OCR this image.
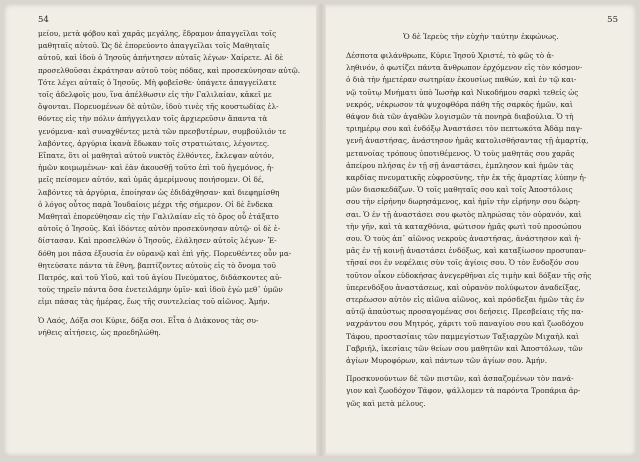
54
μείου, μετὰ φόβου καὶ χαρᾶς μεγάλης, ἔδραμον ἀπαγγεῖλαι τοῖς
μαθηταῖς αὐτοῦ. Ὡς δὲ ἐπορεύοντο ἀπαγγεῖλαι τοῖς Μαθηταῖς
αὐτοῦ, καὶ ἰδοὺ ὁ Ἰησοῦς ἀπήντησεν αὐταῖς λέγων· Χαίρετε. Αἱ δὲ
προσελθοῦσαι ἐκράτησαν αὐτοῦ τοὺς πόδας, καὶ προσεκύνησαν αὐτῷ.
Τότε λέγει αὐταῖς ὁ Ἰησοῦς. Μὴ φοβεῖσθε· ὑπάγετε ἀπαγγείλατε
τοῖς ἀδελφοῖς μου, ἵνα ἀπέλθωσιν εἰς τὴν Γαλιλαίαν, κἀκεῖ με
ὄψονται. Πορευομένων δὲ αὐτῶν, ἰδοὺ τινὲς τῆς κουστωδίας ἐλ-
θόντες εἰς τὴν πόλιν ἀπήγγειλαν τοῖς ἀρχιερεῦσιν ἅπαντα τὰ
γενόμενα· καὶ συναχθέντες μετὰ τῶν πρεσβυτέρων, συμβούλιόν τε
λαβόντες, ἀργύρια ἱκανὰ ἔδωκαν τοῖς στρατιώταις, λέγοντες.
Εἴπατε, ὅτι οἱ μαθηταὶ αὐτοῦ νυκτὸς ἐλθόντες, ἔκλεψαν αὐτόν,
ἡμῶν κοιμωμένων· καὶ ἐὰν ἀκουσθῇ τοῦτο ἐπὶ τοῦ ἡγεμόνος, ἡ-
μεῖς πείσομεν αὐτόν, καὶ ὑμᾶς ἀμερίμνους ποιήσομεν. Οἱ δέ,
λαβόντες τὰ ἀργύρια, ἐποίησαν ὡς ἐδιδάχθησαν· καὶ διεφημίσθη
ὁ λόγος οὗτος παρὰ Ἰουδαίοις μέχρι τῆς σήμερον. Οἱ δὲ ἕνδεκα
Μαθηταὶ ἐπορεύθησαν εἰς τὴν Γαλιλαίαν εἰς τὸ ὄρος οὗ ἐτάξατο
αὐτοῖς ὁ Ἰησοῦς. Καὶ ἰδόντες αὐτὸν προσεκύνησαν αὐτῷ· οἱ δὲ ἐ-
δίστασαν. Καὶ προσελθὼν ὁ Ἰησοῦς, ἐλάλησεν αὐτοῖς λέγων· Ἐ-
δόθη μοι πᾶσα ἐξουσία ἐν οὐρανῷ καὶ ἐπὶ γῆς. Πορευθέντες οὖν μα-
θητεύσατε πάντα τὰ ἔθνη, βαπτίζοντες αὐτοὺς εἰς τὸ ὄνομα τοῦ
Πατρός, καὶ τοῦ Υἱοῦ, καὶ τοῦ ἁγίου Πνεύματος, διδάσκοντες αὐ-
τοὺς τηρεῖν πάντα ὅσα ἐνετειλάμην ὑμῖν· καὶ ἰδοὺ ἐγὼ μεθ᾽ ὑμῶν
εἰμι πάσας τὰς ἡμέρας, ἕως τῆς συντελείας τοῦ αἰῶνος. Ἀμήν.
Ὁ Λαός, Δόξα σοι Κύριε, δόξα σοι. Εἶτα ὁ Διάκονος τὰς συ-
νήθεις αἰτήσεις, ὡς προεδηλώθη.
55
Ὁ δὲ Ἱερεὺς τὴν εὐχὴν ταύτην ἐκφώνως.
Δέσποτα φιλάνθρωπε, Κύριε Ἰησοῦ Χριστέ, τὸ φῶς τὸ ἀ-
ληθινόν, ὁ φωτίζει πάντα ἄνθρωπον ἐρχόμενον εἰς τὸν κόσμον·
ὁ διὰ τὴν ἡμετέραν σωτηρίαν ἑκουσίως παθών, καὶ ἐν τῷ και-
νῷ τοῦτῳ Μνήματι ὑπὸ Ἰωσὴφ καὶ Νικοδήμου σαρκὶ τεθείς ὡς
νεκρός, νέκρωσον τὰ ψυχοφθόρα πάθη τῆς σαρκὸς ἡμῶν, καὶ
θάψον διὰ τῶν ἀγαθῶν λογισμῶν τὰ πονηρὰ διαβούλια. Ὁ τὴ
τριημέρῳ σου καὶ ἐνδόξῳ Ἀναστάσει τὸν πεπτωκότα Ἀδὰμ παγ-
γενῆ ἀναστήσας, ἀνάστησον ἡμᾶς κατολισθήσαντας τῇ ἁμαρτίᾳ,
μετανοίας τρόπους ὑποτιθέμενος. Ὁ τοὺς μαθητάς σου χαρᾶς
ἀπείρου πλήσας ἐν τῇ σῇ ἀναστάσει, ἐμπλησον καὶ ἡμῶν τὰς
καρδίας πνευματικῆς εὐφροσύνης, τὴν ἐκ τῆς ἁμαρτίας λύπην ἡ-
μῶν διασκεδάζων. Ὁ τοῖς μαθηταῖς σου καὶ τοῖς Ἀποστόλοις
σου τὴν εἰρήνην δωρησάμενος, καὶ ἡμῖν τὴν εἰρήνην σου δώρη-
σαι. Ὁ ἐν τῇ ἀναστάσει σου φωτὸς πληρώσας τὸν οὐρανόν, καὶ
τὴν γῆν, καὶ τὰ καταχθόνια, φώτισον ἡμᾶς φωτὶ τοῦ προσώπου
σου. Ὁ τοὺς ἀπ᾽ αἰῶνος νεκροὺς ἀναστήσας, ἀνάστησον καὶ ἡ-
μᾶς ἐν τῇ κοινῇ ἀναστάσει ἐνδόξως, καὶ καταξίωσον προσυπαν-
τῆσαί σοι ἐν νεφέλαις σὺν τοῖς ἁγίοις σου. Ὁ τὸν ἔνδοξόν σου
τοῦτον οἶκον εὐδοκήσας ἀνεγερθῆναι εἰς τιμὴν καὶ δόξαν τῆς σῆς
ὑπερενδόξου ἀναστάσεως, καὶ οὐρανὸν πολύφωτον ἀναδείξας,
στερέωσον αὐτὸν εἰς αἰῶνα αἰῶνος, καὶ πρόσδεξαι ἡμῶν τὰς ἐν
αὐτῷ ἀπαύστως προσαγομένας σοι δεήσεις. Πρεσβείαις τῆς πα-
ναχράντου σου Μητρός, χάριτι τοῦ παναγίου σου καὶ ζωοδόχου
Τάφου, προστασίαις τῶν παμμεγίστων Ταξιαρχῶν Μιχαὴλ καὶ
Γαβριήλ, ἱκεσίαις τῶν θείων σου μαθητῶν καὶ Ἀποστόλων, τῶν
ἁγίων Μυροφόρων, καὶ πάντων τῶν ἁγίων σου. Ἀμήν.
Προσκυνούντων δὲ τῶν πιστῶν, καὶ ἀσπαζομένων τὸν πανά-
γιον καὶ ζωοδόχον Τάφον, ψάλλομεν τὰ παρόντα Τροπάρια ἀρ-
γῶς καὶ μετὰ μέλους.
